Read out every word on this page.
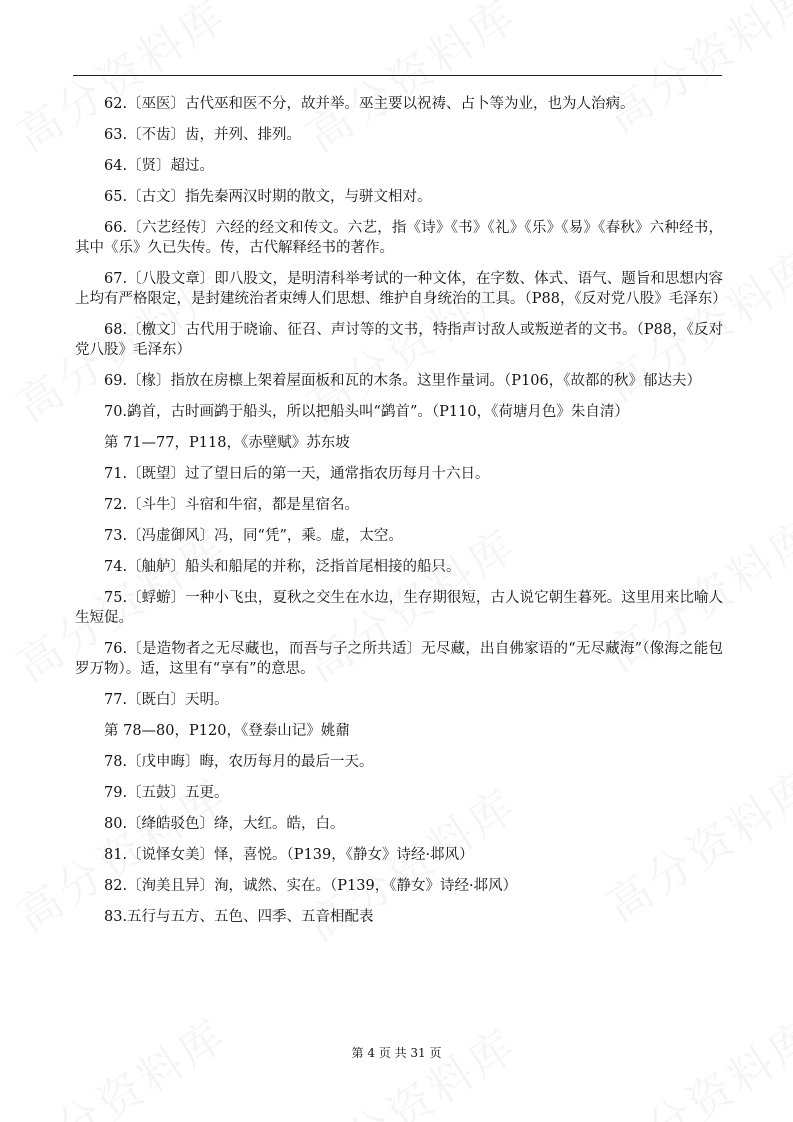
62.〔巫医〕古代巫和医不分，故并举。巫主要以祝祷、占卜等为业，也为人治病。

63.〔不齿〕齿，并列、排列。

64.〔贤〕超过。

65.〔古文〕指先秦两汉时期的散文，与骈文相对。

66.〔六艺经传〕六经的经文和传文。六艺，指《诗》《书》《礼》《乐》《易》《春秋》六种经书，其中《乐》久已失传。传，古代解释经书的著作。

67.〔八股文章〕即八股文，是明清科举考试的一种文体，在字数、体式、语气、题旨和思想内容上均有严格限定，是封建统治者束缚人们思想、维护自身统治的工具。（P88，《反对党八股》毛泽东）

68.〔檄文〕古代用于晓谕、征召、声讨等的文书，特指声讨敌人或叛逆者的文书。（P88，《反对党八股》毛泽东）

69.〔椽〕指放在房檩上架着屋面板和瓦的木条。这里作量词。（P106，《故都的秋》郁达夫）

70.鹢首，古时画鹢于船头，所以把船头叫“鹢首”。（P110，《荷塘月色》朱自清）

第 71—77，P118，《赤壁赋》苏东坡

71.〔既望〕过了望日后的第一天，通常指农历每月十六日。

72.〔斗牛〕斗宿和牛宿，都是星宿名。

73.〔冯虚御风〕冯，同“凭”，乘。虚，太空。

74.〔舳舻〕船头和船尾的并称，泛指首尾相接的船只。

75.〔蜉蝣〕一种小飞虫，夏秋之交生在水边，生存期很短，古人说它朝生暮死。这里用来比喻人生短促。

76.〔是造物者之无尽藏也，而吾与子之所共适〕无尽藏，出自佛家语的“无尽藏海”（像海之能包罗万物）。适，这里有“享有”的意思。

77.〔既白〕天明。

第 78—80，P120，《登泰山记》姚鼐

78.〔戊申晦〕晦，农历每月的最后一天。

79.〔五鼓〕五更。

80.〔绛皓驳色〕绛，大红。皓，白。

81.〔说怿女美〕怿，喜悦。（P139，《静女》诗经·邶风）

82.〔洵美且异〕洵，诚然、实在。（P139，《静女》诗经·邶风）

83.五行与五方、五色、四季、五音相配表

第 4 页 共 31 页
